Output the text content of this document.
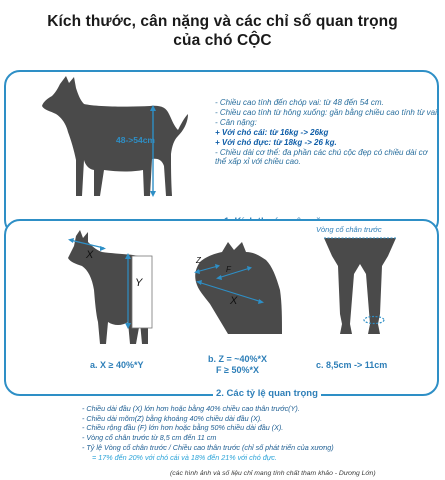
Kích thước, cân nặng và các chỉ số quan trọng
của chó CỘC
48->54cm
- Chiều cao tính đến chóp vai: từ 48 đến 54 cm.
- Chiều cao tính từ hông xuống: gần bằng chiều cao tính từ vai.
- Cân nặng:
+ Với chó cái: từ 16kg -> 26kg
+ Với chó đực: từ 18kg -> 26 kg.
- Chiều dài cơ thể: đa phần các chú cộc đẹp có chiều dài cơ thể xấp xỉ với chiều cao.
X
Y
a. X ≥ 40%*Y
Z
F
X
b. Z = ~40%*X
F ≥ 50%*X
Vòng cổ chân trước
c. 8,5cm -> 11cm
2. Các tỷ lệ quan trọng
- Chiều dài đầu (X) lớn hơn hoặc bằng 40% chiều cao thân trước(Y).
- Chiều dài mõm(Z) bằng khoảng 40% chiều dài đầu (X).
- Chiều rộng đầu (F) lớn hơn hoặc bằng 50% chiều dài đầu (X).
- Vòng cổ chân trước từ 8,5 cm đến 11 cm
- Tỷ lệ Vòng cổ chân trước / Chiều cao thân trước (chỉ số phát triển của xương)
= 17% đến 20% với chó cái và 18% đến 21% với chó đực.
(các hình ảnh và số liệu chỉ mang tính chất tham khảo - Dương Lớn)
